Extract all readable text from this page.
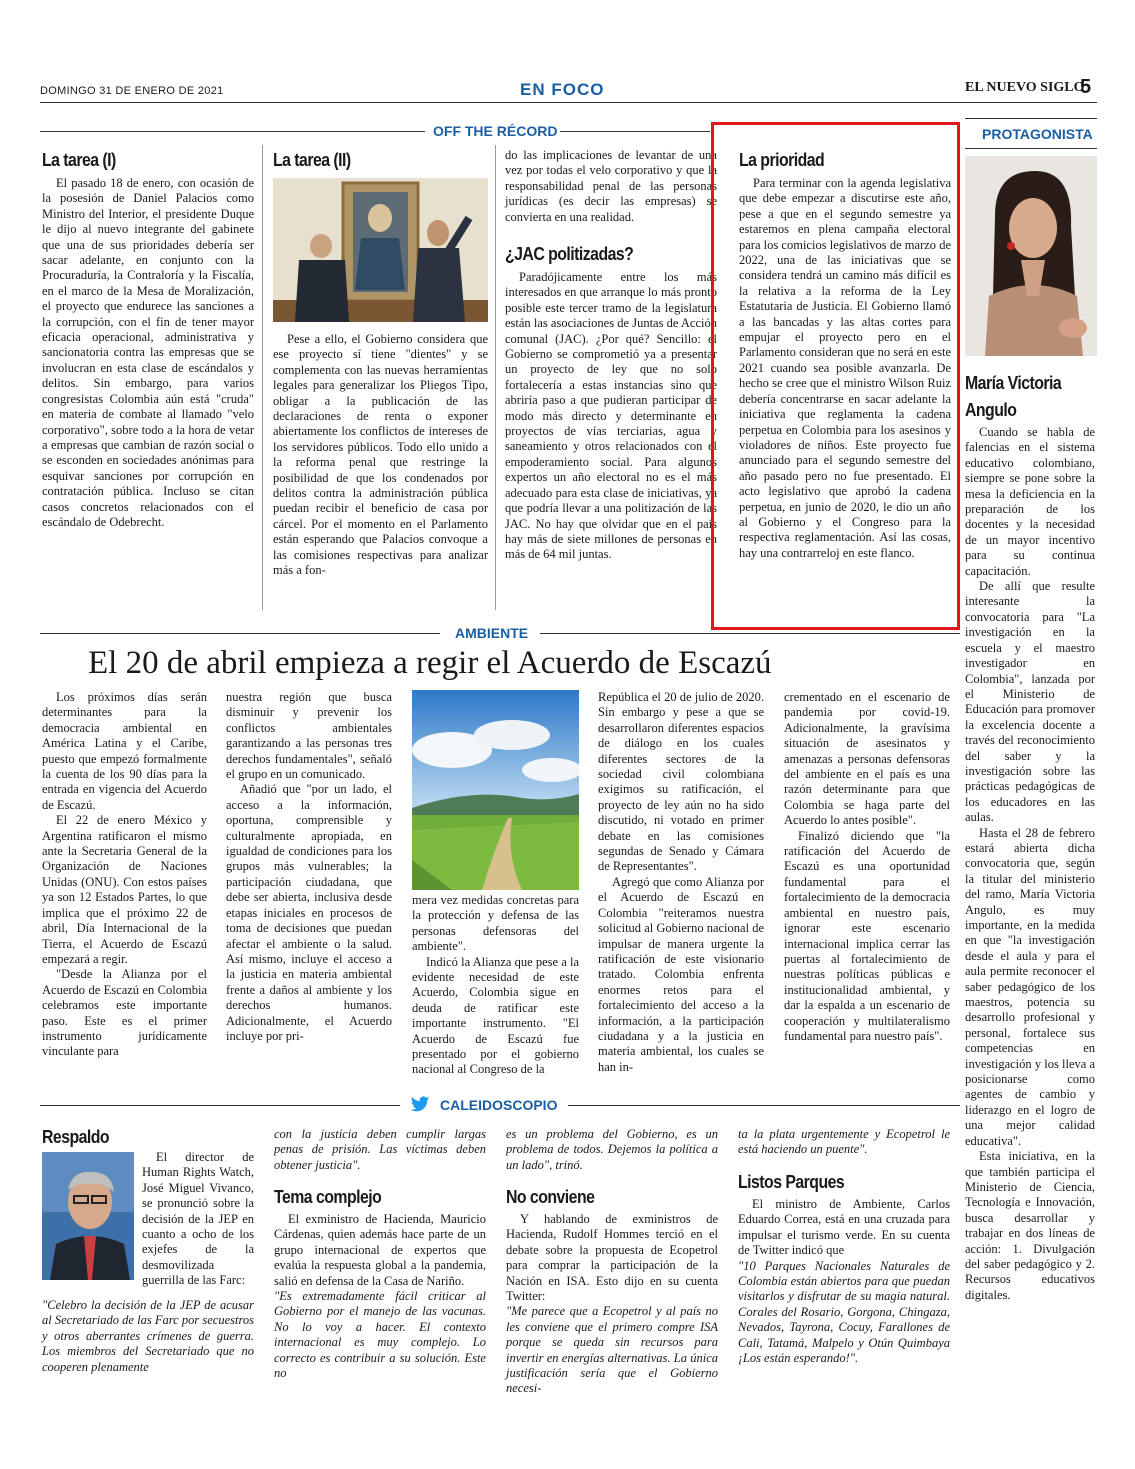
DOMINGO 31 DE ENERO DE 2021	EN FOCO	EL NUEVO SIGLO
5
OFF THE RÉCORD
La tarea (I)

El pasado 18 de enero, con ocasión de la posesión de Daniel Palacios como Ministro del Interior, el presidente Duque le dijo al nuevo integrante del gabinete que una de sus prioridades debería ser sacar adelante, en conjunto con la Procuraduría, la Contraloría y la Fiscalía, en el marco de la Mesa de Moralización, el proyecto que endurece las sanciones a la corrupción, con el fin de tener mayor eficacia operacional, administrativa y sancionatoria contra las empresas que se involucran en esta clase de escándalos y delitos. Sin embargo, para varios congresistas Colombia aún está "cruda" en materia de combate al llamado "velo corporativo", sobre todo a la hora de vetar a empresas que cambian de razón social o se esconden en sociedades anónimas para esquivar sanciones por corrupción en contratación pública. Incluso se citan casos concretos relacionados con el escándalo de Odebrecht.

La tarea (II)

Pese a ello, el Gobierno considera que ese proyecto sí tiene "dientes" y se complementa con las nuevas herramientas legales para generalizar los Pliegos Tipo, obligar a la publicación de las declaraciones de renta o exponer abiertamente los conflictos de intereses de los servidores públicos. Todo ello unido a la reforma penal que restringe la posibilidad de que los condenados por delitos contra la administración pública puedan recibir el beneficio de casa por cárcel. Por el momento en el Parlamento están esperando que Palacios convoque a las comisiones respectivas para analizar más a fon-

do las implicaciones de levantar de una vez por todas el velo corporativo y que la responsabilidad penal de las personas jurídicas (es decir las empresas) se convierta en una realidad.
¿JAC politizadas?

Paradójicamente entre los más interesados en que arranque lo más pronto posible este tercer tramo de la legislatura están las asociaciones de Juntas de Acción comunal (JAC). ¿Por qué? Sencillo: el Gobierno se comprometió ya a presentar un proyecto de ley que no solo fortalecería a estas instancias sino que abriría paso a que pudieran participar de modo más directo y determinante en proyectos de vías terciarias, agua y saneamiento y otros relacionados con el empoderamiento social. Para algunos expertos un año electoral no es el más adecuado para esta clase de iniciativas, ya que podría llevar a una politización de las JAC. No hay que olvidar que en el país hay más de siete millones de personas en más de 64 mil juntas.

La prioridad

Para terminar con la agenda legislativa que debe empezar a discutirse este año, pese a que en el segundo semestre ya estaremos en plena campaña electoral para los comicios legislativos de marzo de 2022, una de las iniciativas que se considera tendrá un camino más difícil es la relativa a la reforma de la Ley Estatutaria de Justicia. El Gobierno llamó a las bancadas y las altas cortes para empujar el proyecto pero en el Parlamento consideran que no será en este 2021 cuando sea posible avanzarla. De hecho se cree que el ministro Wilson Ruiz debería concentrarse en sacar adelante la iniciativa que reglamenta la cadena perpetua en Colombia para los asesinos y violadores de niños. Este proyecto fue anunciado para el segundo semestre del año pasado pero no fue presentado. El acto legislativo que aprobó la cadena perpetua, en junio de 2020, le dio un año al Gobierno y el Congreso para la respectiva reglamentación. Así las cosas, hay una contrarreloj en este flanco.

PROTAGONISTA
María Victoria Angulo

Cuando se habla de falencias en el sistema educativo colombiano, siempre se pone sobre la mesa la deficiencia en la preparación de los docentes y la necesidad de un mayor incentivo para su continua capacitación.

De allí que resulte interesante la convocatoria para "La investigación en la escuela y el maestro investigador en Colombia", lanzada por el Ministerio de Educación para promover la excelencia docente a través del reconocimiento del saber y la investigación sobre las prácticas pedagógicas de los educadores en las aulas.

Hasta el 28 de febrero estará abierta dicha convocatoria que, según la titular del ministerio del ramo, María Victoria Angulo, es muy importante, en la medida en que "la investigación desde el aula y para el aula permite reconocer el saber pedagógico de los maestros, potencia su desarrollo profesional y personal, fortalece sus competencias en investigación y los lleva a posicionarse como agentes de cambio y liderazgo en el logro de una mejor calidad educativa".

Esta iniciativa, en la que también participa el Ministerio de Ciencia, Tecnología e Innovación, busca desarrollar y trabajar en dos líneas de acción: 1. Divulgación del saber pedagógico y 2. Recursos educativos digitales.

AMBIENTE
El 20 de abril empieza a regir el Acuerdo de Escazú

Los próximos días serán determinantes para la democracia ambiental en América Latina y el Caribe, puesto que empezó formalmente la cuenta de los 90 días para la entrada en vigencia del Acuerdo de Escazú.

El 22 de enero México y Argentina ratificaron el mismo ante la Secretaria General de la Organización de Naciones Unidas (ONU). Con estos países ya son 12 Estados Partes, lo que implica que el próximo 22 de abril, Día Internacional de la Tierra, el Acuerdo de Escazú empezará a regir.

"Desde la Alianza por el Acuerdo de Escazú en Colombia celebramos este importante paso. Este es el primer instrumento jurídicamente vinculante para

nuestra región que busca disminuir y prevenir los conflictos ambientales garantizando a las personas tres derechos fundamentales", señaló el grupo en un comunicado.

Añadió que "por un lado, el acceso a la información, oportuna, comprensible y culturalmente apropiada, en igualdad de condiciones para los grupos más vulnerables; la participación ciudadana, que debe ser abierta, inclusiva desde etapas iniciales en procesos de toma de decisiones que puedan afectar el ambiente o la salud. Así mismo, incluye el acceso a la justicia en materia ambiental frente a daños al ambiente y los derechos humanos. Adicionalmente, el Acuerdo incluye por pri-

mera vez medidas concretas para la protección y defensa de las personas defensoras del ambiente".

Indicó la Alianza que pese a la evidente necesidad de este Acuerdo, Colombia sigue en deuda de ratificar este importante instrumento. "El Acuerdo de Escazú fue presentado por el gobierno nacional al Congreso de la

República el 20 de julio de 2020. Sin embargo y pese a que se desarrollaron diferentes espacios de diálogo en los cuales diferentes sectores de la sociedad civil colombiana exigimos su ratificación, el proyecto de ley aún no ha sido discutido, ni votado en primer debate en las comisiones segundas de Senado y Cámara de Representantes".

Agregó que como Alianza por el Acuerdo de Escazú en Colombia "reiteramos nuestra solicitud al Gobierno nacional de impulsar de manera urgente la ratificación de este visionario tratado. Colombia enfrenta enormes retos para el fortalecimiento del acceso a la información, a la participación ciudadana y a la justicia en materia ambiental, los cuales se han in-

crementado en el escenario de pandemia por covid-19. Adicionalmente, la gravísima situación de asesinatos y amenazas a personas defensoras del ambiente en el país es una razón determinante para que Colombia se haga parte del Acuerdo lo antes posible".

Finalizó diciendo que "la ratificación del Acuerdo de Escazú es una oportunidad fundamental para el fortalecimiento de la democracia ambiental en nuestro país, ignorar este escenario internacional implica cerrar las puertas al fortalecimiento de nuestras políticas públicas e institucionalidad ambiental, y dar la espalda a un escenario de cooperación y multilateralismo fundamental para nuestro país".

CALEIDOSCOPIO
Respaldo

El director de Human Rights Watch, José Miguel Vivanco, se pronunció sobre la decisión de la JEP en cuanto a ocho de los exjefes de la desmovilizada guerrilla de las Farc:

"Celebro la decisión de la JEP de acusar al Secretariado de las Farc por secuestros y otros aberrantes crímenes de guerra. Los miembros del Secretariado que no cooperen plenamente
con la justicia deben cumplir largas penas de prisión. Las víctimas deben obtener justicia".
Tema complejo

El exministro de Hacienda, Mauricio Cárdenas, quien además hace parte de un grupo internacional de expertos que evalúa la respuesta global a la pandemia, salió en defensa de la Casa de Nariño.

"Es extremadamente fácil criticar al Gobierno por el manejo de las vacunas. No lo voy a hacer. El contexto internacional es muy complejo. Lo correcto es contribuir a su solución. Este no

es un problema del Gobierno, es un problema de todos. Dejemos la política a un lado", trinó.
No conviene

Y hablando de exministros de Hacienda, Rudolf Hommes terció en el debate sobre la propuesta de Ecopetrol para comprar la participación de la Nación en ISA. Esto dijo en su cuenta Twitter:

"Me parece que a Ecopetrol y al país no les conviene que el primero compre ISA porque se queda sin recursos para invertir en energías alternativas. La única justificación sería que el Gobierno necesi-

ta la plata urgentemente y Ecopetrol le está haciendo un puente".
Listos Parques

El ministro de Ambiente, Carlos Eduardo Correa, está en una cruzada para impulsar el turismo verde. En su cuenta de Twitter indicó que

"10 Parques Nacionales Naturales de Colombia están abiertos para que puedan visitarlos y disfrutar de su magia natural. Corales del Rosario, Gorgona, Chingaza, Nevados, Tayrona, Cocuy, Farallones de Cali, Tatamá, Malpelo y Otún Quimbaya ¡Los están esperando!".
